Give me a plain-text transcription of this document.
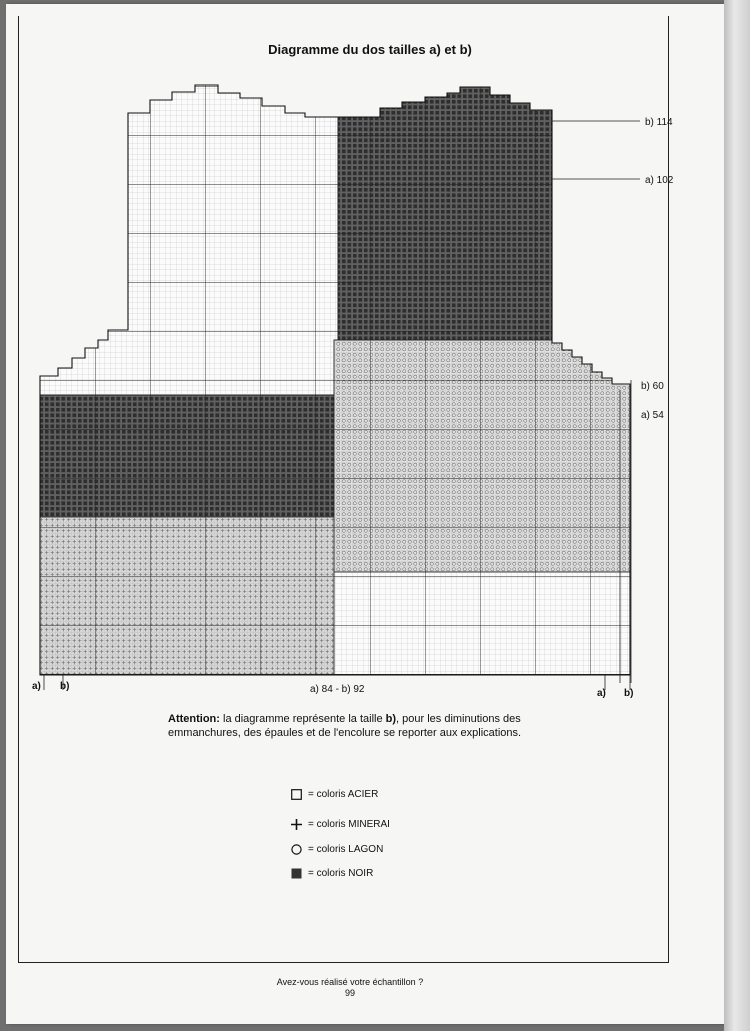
Diagramme du dos tailles a) et b)
b) 114
a) 102
b) 60
a) 54
a) b)	a) 84 - b) 92	a) b)
Attention: la diagramme représente la taille b), pour les diminutions des
emmanchures, des épaules et de l'encolure se reporter aux explications.
= coloris ACIER
= coloris MINERAI
= coloris LAGON
= coloris NOIR
Avez-vous réalisé votre échantillon ?
99
